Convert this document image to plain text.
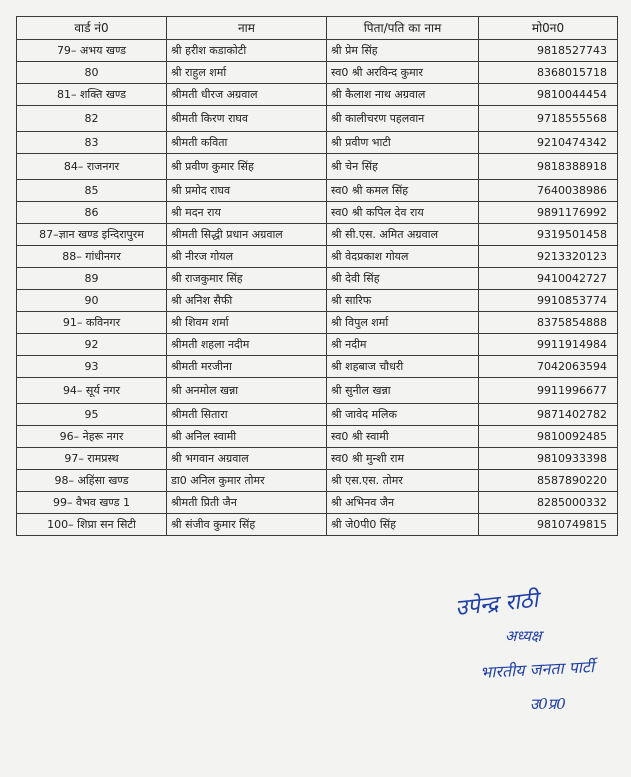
वार्ड नं0	नाम	पिता/पति का नाम	मो0न0
79– अभय खण्ड	श्री हरीश कडाकोटी	श्री प्रेम सिंह	9818527743
80	श्री राहुल शर्मा	स्व0 श्री अरविन्द कुमार	8368015718
81– शक्ति खण्ड	श्रीमती धीरज अग्रवाल	श्री कैलाश नाथ अग्रवाल	9810044454
82	श्रीमती किरण राघव	श्री कालीचरण पहलवान	9718555568
83	श्रीमती कविता	श्री प्रवीण भाटी	9210474342
84– राजनगर	श्री प्रवीण कुमार सिंह	श्री चेन सिंह	9818388918
85	श्री प्रमोद राघव	स्व0 श्री कमल सिंह	7640038986
86	श्री मदन राय	स्व0 श्री कपिल देव राय	9891176992
87–ज्ञान खण्ड इन्दिरापुरम	श्रीमती सिद्धी प्रधान अग्रवाल	श्री सी.एस. अमित अग्रवाल	9319501458
88– गांधीनगर	श्री नीरज गोयल	श्री वेदप्रकाश गोयल	9213320123
89	श्री राजकुमार सिंह	श्री देवी सिंह	9410042727
90	श्री अनिश सैफी	श्री सारिफ	9910853774
91– कविनगर	श्री शिवम शर्मा	श्री विपुल शर्मा	8375854888
92	श्रीमती शहला नदीम	श्री नदीम	9911914984
93	श्रीमती मरजीना	श्री शहबाज चौधरी	7042063594
94– सूर्य नगर	श्री अनमोल खन्ना	श्री सुनील खन्ना	9911996677
95	श्रीमती सितारा	श्री जावेद मलिक	9871402782
96– नेहरू नगर	श्री अनिल स्वामी	स्व0 श्री स्वामी	9810092485
97– रामप्रस्थ	श्री भगवान अग्रवाल	स्व0 श्री मुन्शी राम	9810933398
98– अहिंसा खण्ड	डा0 अनिल कुमार तोमर	श्री एस.एस. तोमर	8587890220
99– वैभव खण्ड 1	श्रीमती प्रिती जैन	श्री अभिनव जैन	8285000332
100– शिप्रा सन सिटी	श्री संजीव कुमार सिंह	श्री जे0पी0 सिंह	9810749815
उपेन्द्र राठी
अध्यक्ष
भारतीय जनता पार्टी
उ0प्र0
